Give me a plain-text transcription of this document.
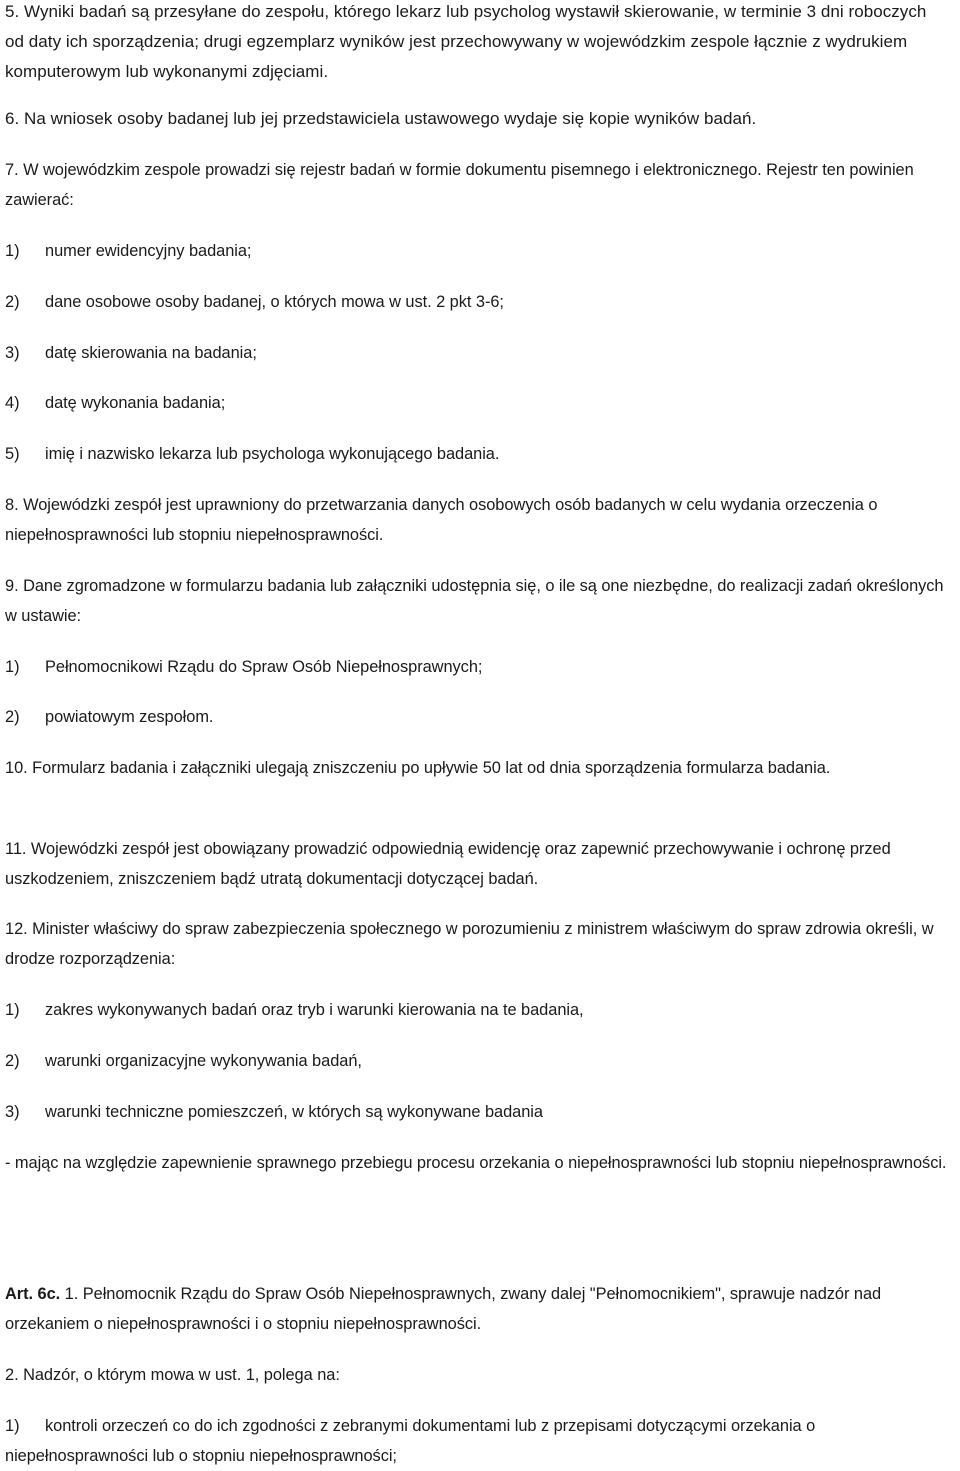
5. Wyniki badań są przesyłane do zespołu, którego lekarz lub psycholog wystawił skierowanie, w terminie 3 dni roboczych od daty ich sporządzenia; drugi egzemplarz wyników jest przechowywany w wojewódzkim zespole łącznie z wydrukiem komputerowym lub wykonanymi zdjęciami.

6. Na wniosek osoby badanej lub jej przedstawiciela ustawowego wydaje się kopie wyników badań.

7. W wojewódzkim zespole prowadzi się rejestr badań w formie dokumentu pisemnego i elektronicznego. Rejestr ten powinien zawierać:

1) numer ewidencyjny badania;

2) dane osobowe osoby badanej, o których mowa w ust. 2 pkt 3-6;

3) datę skierowania na badania;

4) datę wykonania badania;

5) imię i nazwisko lekarza lub psychologa wykonującego badania.

8. Wojewódzki zespół jest uprawniony do przetwarzania danych osobowych osób badanych w celu wydania orzeczenia o niepełnosprawności lub stopniu niepełnosprawności.

9. Dane zgromadzone w formularzu badania lub załączniki udostępnia się, o ile są one niezbędne, do realizacji zadań określonych w ustawie:

1) Pełnomocnikowi Rządu do Spraw Osób Niepełnosprawnych;

2) powiatowym zespołom.

10. Formularz badania i załączniki ulegają zniszczeniu po upływie 50 lat od dnia sporządzenia formularza badania.

11. Wojewódzki zespół jest obowiązany prowadzić odpowiednią ewidencję oraz zapewnić przechowywanie i ochronę przed uszkodzeniem, zniszczeniem bądź utratą dokumentacji dotyczącej badań.

12. Minister właściwy do spraw zabezpieczenia społecznego w porozumieniu z ministrem właściwym do spraw zdrowia określi, w drodze rozporządzenia:

1) zakres wykonywanych badań oraz tryb i warunki kierowania na te badania,

2) warunki organizacyjne wykonywania badań,

3) warunki techniczne pomieszczeń, w których są wykonywane badania

- mając na względzie zapewnienie sprawnego przebiegu procesu orzekania o niepełnosprawności lub stopniu niepełnosprawności.

Art. 6c. 1. Pełnomocnik Rządu do Spraw Osób Niepełnosprawnych, zwany dalej "Pełnomocnikiem", sprawuje nadzór nad orzekaniem o niepełnosprawności i o stopniu niepełnosprawności.

2. Nadzór, o którym mowa w ust. 1, polega na:

1) kontroli orzeczeń co do ich zgodności z zebranymi dokumentami lub z przepisami dotyczącymi orzekania o niepełnosprawności lub o stopniu niepełnosprawności;
